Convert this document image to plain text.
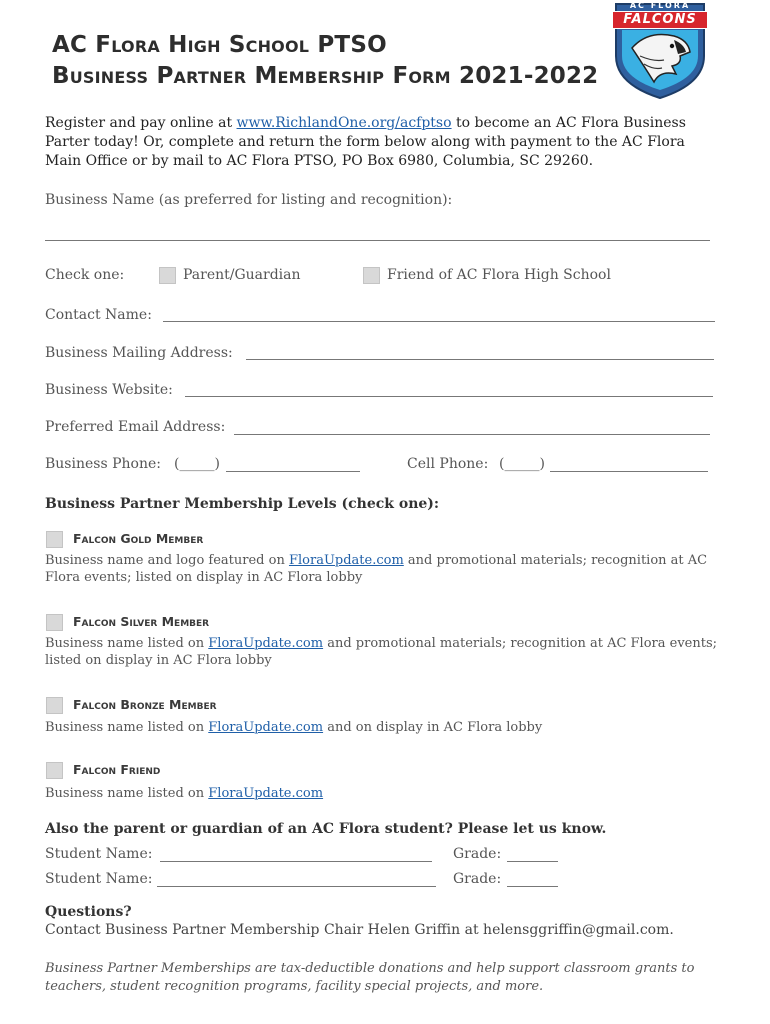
AC FLORA
FALCONS
AC Flora High School PTSO
Business Partner Membership Form 2021-2022
Register and pay online at www.RichlandOne.org/acfptso to become an AC Flora Business Parter today! Or, complete and return the form below along with payment to the AC Flora Main Office or by mail to AC Flora PTSO, PO Box 6980, Columbia, SC 29260.
Business Name (as preferred for listing and recognition):
Check one:	Parent/Guardian	Friend of AC Flora High School
Contact Name:
Business Mailing Address:
Business Website:
Preferred Email Address:
Business Phone: (_____)	Cell Phone: (_____)
Business Partner Membership Levels (check one):
Falcon Gold Member
Business name and logo featured on FloraUpdate.com and promotional materials; recognition at AC Flora events; listed on display in AC Flora lobby
Falcon Silver Member
Business name listed on FloraUpdate.com and promotional materials; recognition at AC Flora events; listed on display in AC Flora lobby
Falcon Bronze Member
Business name listed on FloraUpdate.com and on display in AC Flora lobby
Falcon Friend
Business name listed on FloraUpdate.com
Also the parent or guardian of an AC Flora student? Please let us know.
Student Name:	Grade:
Student Name:	Grade:
Questions?
Contact Business Partner Membership Chair Helen Griffin at helensggriffin@gmail.com.
Business Partner Memberships are tax-deductible donations and help support classroom grants to teachers, student recognition programs, facility special projects, and more.
